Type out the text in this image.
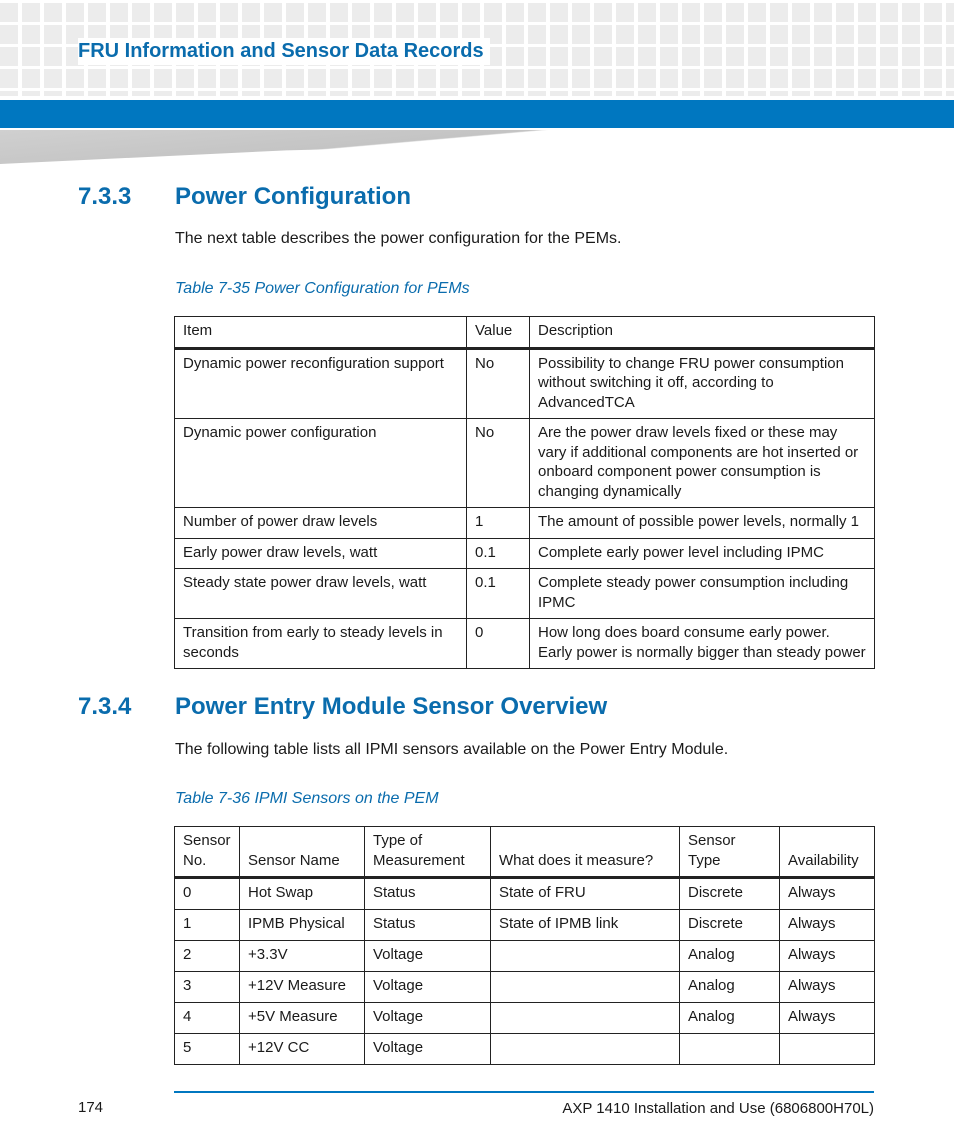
FRU Information and Sensor Data Records
7.3.3 Power Configuration

The next table describes the power configuration for the PEMs.

Table 7-35 Power Configuration for PEMs

Item	Value	Description
Dynamic power reconfiguration support	No	Possibility to change FRU power consumption without switching it off, according to AdvancedTCA
Dynamic power configuration	No	Are the power draw levels fixed or these may vary if additional components are hot inserted or onboard component power consumption is changing dynamically
Number of power draw levels	1	The amount of possible power levels, normally 1
Early power draw levels, watt	0.1	Complete early power level including IPMC
Steady state power draw levels, watt	0.1	Complete steady power consumption including IPMC
Transition from early to steady levels in seconds	0	How long does board consume early power. Early power is normally bigger than steady power
7.3.4 Power Entry Module Sensor Overview

The following table lists all IPMI sensors available on the Power Entry Module.

Table 7-36 IPMI Sensors on the PEM

Sensor No.	Sensor Name	Type of Measurement	What does it measure?	Sensor Type	Availability
0	Hot Swap	Status	State of FRU	Discrete	Always
1	IPMB Physical	Status	State of IPMB link	Discrete	Always
2	+3.3V	Voltage		Analog	Always
3	+12V Measure	Voltage		Analog	Always
4	+5V Measure	Voltage		Analog	Always
5	+12V CC	Voltage			

174	AXP 1410 Installation and Use (6806800H70L)
